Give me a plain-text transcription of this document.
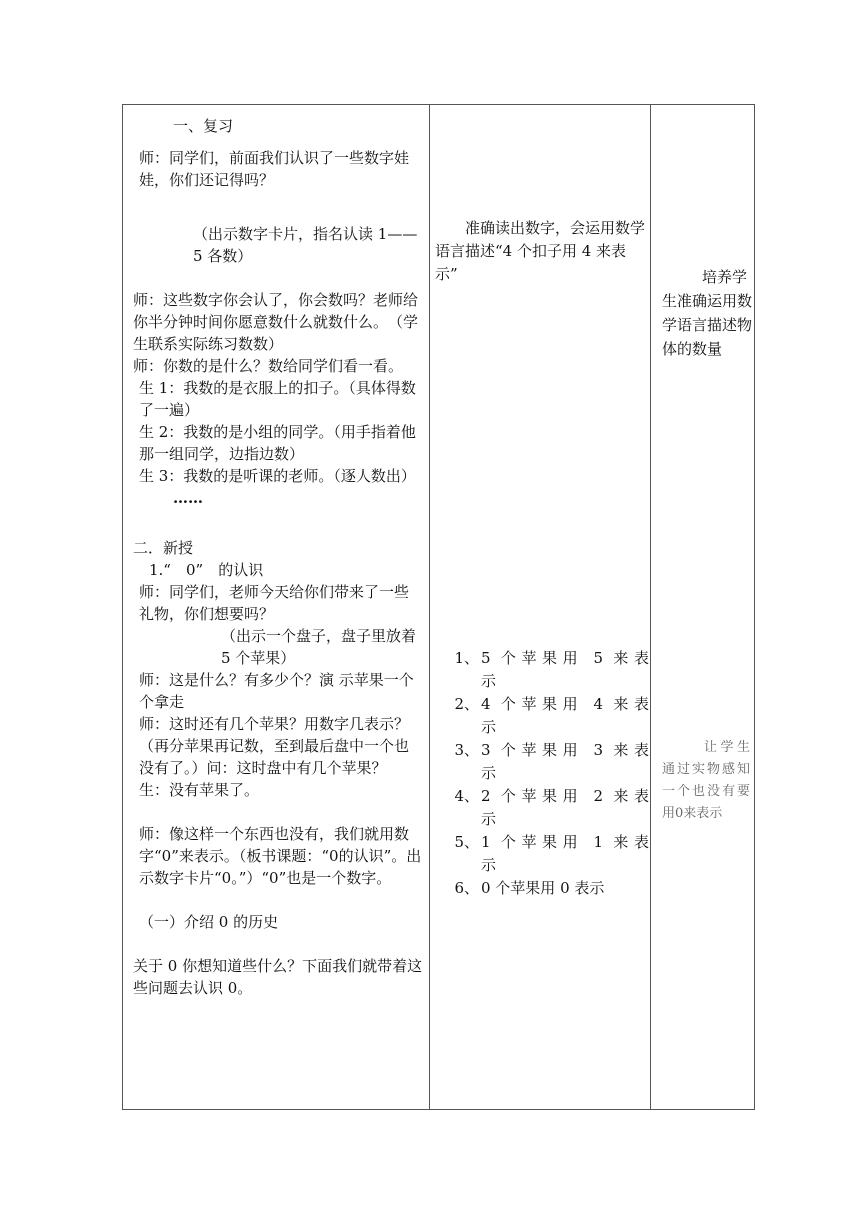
一、复习
师：同学们，前面我们认识了一些数字娃娃，你们还记得吗？
（出示数字卡片，指名认读 1——5 各数）
师：这些数字你会认了，你会数吗？老师给你半分钟时间你愿意数什么就数什么。　（学生联系实际练习数数）
师：你数的是什么？数给同学们看一看。
生 1：我数的是衣服上的扣子。（具体得数了一遍）
生 2：我数的是小组的同学。（用手指着他那一组同学，边指边数）
生 3：我数的是听课的老师。（逐人数出）
……
二．新授
1.“　0”　的认识
师：同学们，老师今天给你们带来了一些礼物，你们想要吗？
（出示一个盘子，盘子里放着 5 个苹果）
师：这是什么？有多少个？演 示苹果一个个拿走
师：这时还有几个苹果？用数字几表示？（再分苹果再记数，至到最后盘中一个也没有了。）问：这时盘中有几个苹果？
生：没有苹果了。
师：像这样一个东西也没有，我们就用数字“0”来表示。（板书课题：“0的认识”。出示数字卡片“0。”）“0”也是一个数字。
（一）介绍 0 的历史
关于 0 你想知道些什么？下面我们就带着这些问题去认识 0。
准确读出数字，会运用数学语言描述“4 个扣子用 4 来表示”
1、 5 个苹果用 5 来表
示
2、 4 个苹果用 4 来表
示
3、 3 个苹果用 3 来表
示
4、 2 个苹果用 2 来表
示
5、 1 个苹果用 1 来表
示
6、 0 个苹果用 0 表示
培养学生准确运用数学语言描述物体的数量
让学生通过实物感知一个也没有要用0来表示
